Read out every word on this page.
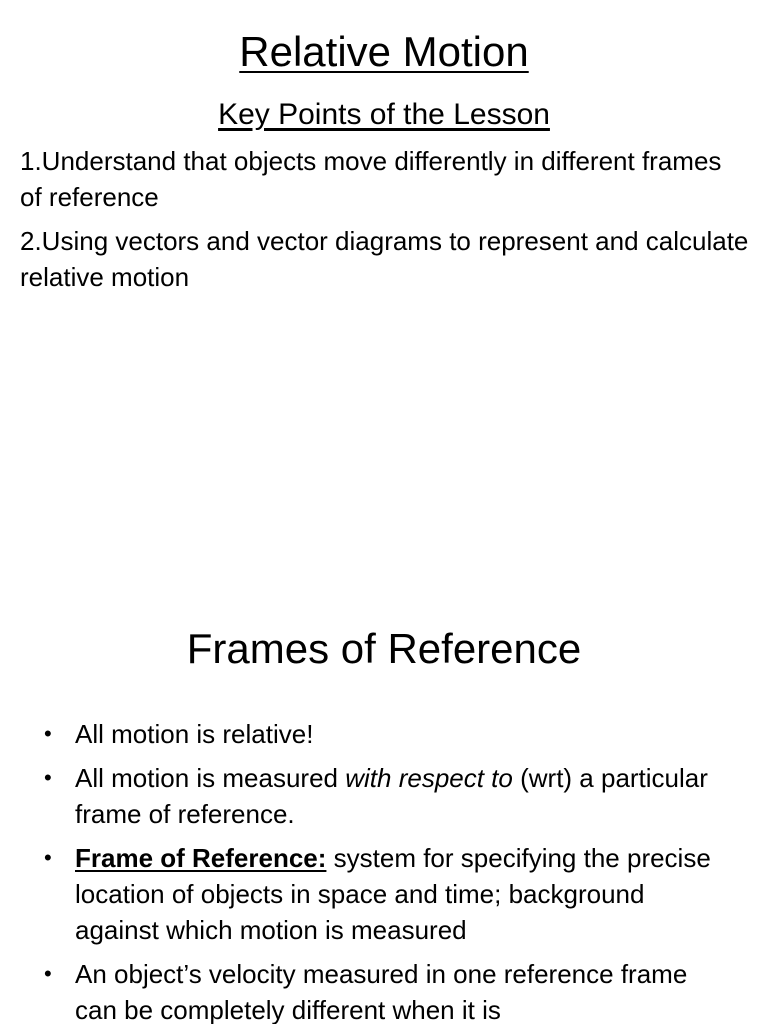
Relative Motion
Key Points of the Lesson
1.Understand that objects move differently in different frames of reference
2.Using vectors and vector diagrams to represent and calculate relative motion
Frames of Reference
• All motion is relative!
• All motion is measured with respect to (wrt) a particular frame of reference.
• Frame of Reference: system for specifying the precise location of objects in space and time; background against which motion is measured
• An object’s velocity measured in one reference frame can be completely different when it is
